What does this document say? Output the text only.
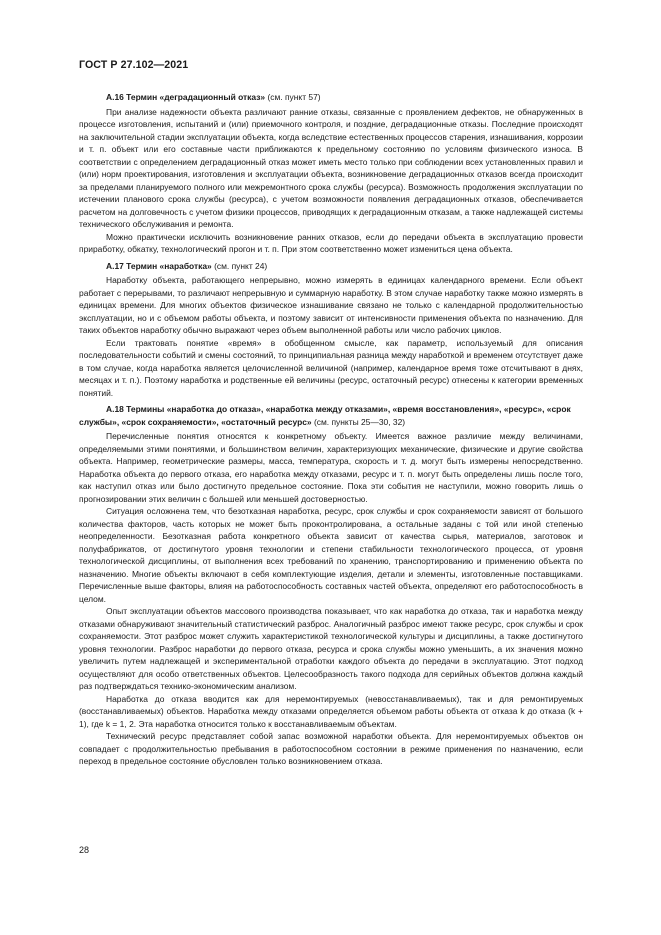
ГОСТ Р 27.102—2021

А.16 Термин «деградационный отказ» (см. пункт 57)

При анализе надежности объекта различают ранние отказы, связанные с проявлением дефектов, не обнаруженных в процессе изготовления, испытаний и (или) приемочного контроля, и поздние, деградационные отказы. Последние происходят на заключительной стадии эксплуатации объекта, когда вследствие естественных процессов старения, изнашивания, коррозии и т. п. объект или его составные части приближаются к предельному состоянию по условиям физического износа. В соответствии с определением деградационный отказ может иметь место только при соблюдении всех установленных правил и (или) норм проектирования, изготовления и эксплуатации объекта, возникновение деградационных отказов всегда происходит за пределами планируемого полного или межремонтного срока службы (ресурса). Возможность продолжения эксплуатации по истечении планового срока службы (ресурса), с учетом возможности появления деградационных отказов, обеспечивается расчетом на долговечность с учетом физики процессов, приводящих к деградационным отказам, а также надлежащей системы технического обслуживания и ремонта.

Можно практически исключить возникновение ранних отказов, если до передачи объекта в эксплуатацию провести приработку, обкатку, технологический прогон и т. п. При этом соответственно может измениться цена объекта.

А.17 Термин «наработка» (см. пункт 24)

Наработку объекта, работающего непрерывно, можно измерять в единицах календарного времени. Если объект работает с перерывами, то различают непрерывную и суммарную наработку. В этом случае наработку также можно измерять в единицах времени. Для многих объектов физическое изнашивание связано не только с календарной продолжительностью эксплуатации, но и с объемом работы объекта, и поэтому зависит от интенсивности применения объекта по назначению. Для таких объектов наработку обычно выражают через объем выполненной работы или число рабочих циклов.

Если трактовать понятие «время» в обобщенном смысле, как параметр, используемый для описания последовательности событий и смены состояний, то принципиальная разница между наработкой и временем отсутствует даже в том случае, когда наработка является целочисленной величиной (например, календарное время тоже отсчитывают в днях, месяцах и т. п.). Поэтому наработка и родственные ей величины (ресурс, остаточный ресурс) отнесены к категории временных понятий.

А.18 Термины «наработка до отказа», «наработка между отказами», «время восстановления», «ресурс», «срок службы», «срок сохраняемости», «остаточный ресурс» (см. пункты 25—30, 32)

Перечисленные понятия относятся к конкретному объекту. Имеется важное различие между величинами, определяемыми этими понятиями, и большинством величин, характеризующих механические, физические и другие свойства объекта. Например, геометрические размеры, масса, температура, скорость и т. д. могут быть измерены непосредственно. Наработка объекта до первого отказа, его наработка между отказами, ресурс и т. п. могут быть определены лишь после того, как наступил отказ или было достигнуто предельное состояние. Пока эти события не наступили, можно говорить лишь о прогнозировании этих величин с большей или меньшей достоверностью.

Ситуация осложнена тем, что безотказная наработка, ресурс, срок службы и срок сохраняемости зависят от большого количества факторов, часть которых не может быть проконтролирована, а остальные заданы с той или иной степенью неопределенности. Безотказная работа конкретного объекта зависит от качества сырья, материалов, заготовок и полуфабрикатов, от достигнутого уровня технологии и степени стабильности технологического процесса, от уровня технологической дисциплины, от выполнения всех требований по хранению, транспортированию и применению объекта по назначению. Многие объекты включают в себя комплектующие изделия, детали и элементы, изготовленные поставщиками. Перечисленные выше факторы, влияя на работоспособность составных частей объекта, определяют его работоспособность в целом.

Опыт эксплуатации объектов массового производства показывает, что как наработка до отказа, так и наработка между отказами обнаруживают значительный статистический разброс. Аналогичный разброс имеют также ресурс, срок службы и срок сохраняемости. Этот разброс может служить характеристикой технологической культуры и дисциплины, а также достигнутого уровня технологии. Разброс наработки до первого отказа, ресурса и срока службы можно уменьшить, а их значения можно увеличить путем надлежащей и экспериментальной отработки каждого объекта до передачи в эксплуатацию. Этот подход осуществляют для особо ответственных объектов. Целесообразность такого подхода для серийных объектов должна каждый раз подтверждаться технико-экономическим анализом.

Наработка до отказа вводится как для неремонтируемых (невосстанавливаемых), так и для ремонтируемых (восстанавливаемых) объектов. Наработка между отказами определяется объемом работы объекта от отказа k до отказа (k + 1), где k = 1, 2. Эта наработка относится только к восстанавливаемым объектам.

Технический ресурс представляет собой запас возможной наработки объекта. Для неремонтируемых объектов он совпадает с продолжительностью пребывания в работоспособном состоянии в режиме применения по назначению, если переход в предельное состояние обусловлен только возникновением отказа.

28
